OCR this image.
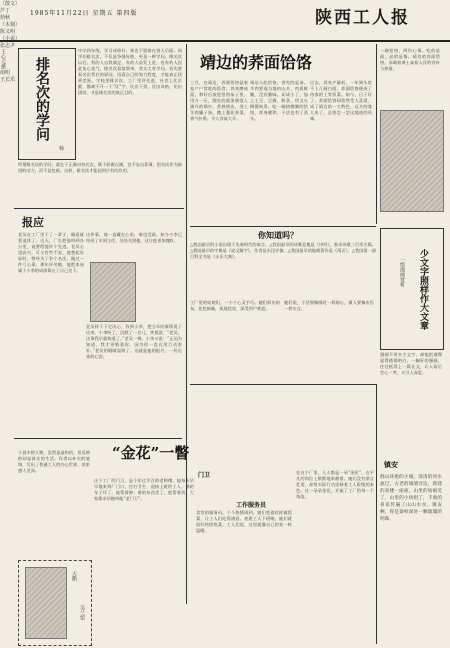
1985年11月22日 星期五 第四版	陕西工人报
排名次的学问
杨
中学四年级，学习成绩好，谁也不愿排在别人后面。同学们排名次，不仅是争强好胜，更是一种学问。排名次以后，有的人自我满足，有的人奋发上进，也有的人因此灰心丧气。排名次看似简单，其实大有学问。首先要看名次背后的原因，再看自己的努力程度，才能真正找到差距。学校里排名次，工厂里评先进，社会上比贡献，都离不开一个“比”字。比出干劲，比出风格，比出团结，才是排名次的真正目的。
所谓排名次的学问，就在于正确对待名次，既不骄傲自满，也不妄自菲薄，把名次作为前进的动力，而不是包袱。这样，排名次才能起到应有的作用。
靖边的荞面饸饹
（散文）
芦丁
三月，在靖边，荞面饸饹是家家户户常吃的饭食。荞麦磨成面，和好后放进饸饹床子里，用力一压，细长的面条便落入滚开的锅中。煮熟捞出，浇上羊肉臊子汤，撒上葱花香菜，香气扑鼻，令人食欲大开。
靖边人吃饸饹，讲究的是汤。羊肉要选当地的山羊，肉质鲜嫩，没有膻味。切成小丁，加上土豆、豆腐、粉条，用文火慢慢炖煮。吃一碗热腾腾的饸饹，浑身暖和，干活也有了劲头。
过去，荞麦产量低，一年到头吃不上几顿白面，荞面饸饹便成了待客的上等饭菜。如今，日子好了，荞面饸饹却依然受人喜爱，成了靖边的一大特色，远方的客人来了，总要尝一尝这地道的风味。
一碗饸饹，两份心情。吃的是面，品的是情。靖边的荞面饸饹，承载着黄土高原人民的淳朴与热情。
拾秋
（木刻）
陈义明
你知道吗？
△我国最早的小说出现于先秦时代的寓言。△我国最早的诗歌总集是《诗经》，收录诗歌三百零五篇。△我国最早的字典是《说文解字》，作者是东汉许慎。△我国最早的地理著作是《禹贡》。△我国第一部百科全书是《永乐大典》。
报应
（小说）
张志尹
老吴在工厂里干了一辈子，眼看就要退休了。这天，厂长把他叫到办公室，说要给他评个先进。老吴心里高兴，可又有些不安。他想起年轻时，曾经为了争个名次，做过一件亏心事。那年评劳模，他把本该属于小李的成绩算在了自己名下。
这件事，他一直藏在心里，谁也没说。如今小李已经成了车间主任，处处关照他，这让他更加愧疚。
王心元摄
老吴终于下定决心，找到小李，把当年的事情说了出来。小李听了，沉默了一会儿，笑着说：“老吴，这事我早就知道了。”老吴一愣。小李又说：“正因为知道，我才更敬重你，因为你一直在用行动弥补。”老吴的眼睛湿润了。这就是他的报应，一份迟来的心安。
工厂里的姑娘们，一个个心灵手巧。她们织出的布，花色新颖，质地优良，深受用户欢迎。
她们说，干活要像绣花一样细心，做人要像布匹一样实在。	少文字照样作大文章
一组漫画赏析
漫画不用多少文字，却能把道理说得透彻明白。一幅好的漫画，往往抵得上一篇长文，让人看后会心一笑，又引人深思。
“金花”一瞥
南明
门卫
这个工厂的门卫，是个年过半百的老师傅。他每天早早地来到厂门口，打扫卫生，迎接上班的工人。谁的车子坏了，他帮着修；谁的东西丢了，他帮着找。大家都亲切地叫他“老门卫”。
工作服务员
食堂的服务员，个个热情周到。她们变着花样做饭菜，让工人们吃得满意。夜班工人下班晚，她们就留好热饭热菜。工人们说，这里就像自己的家一样温暖。
在这个厂里，人人都是一朵“金花”，在平凡的岗位上默默地奉献着。她们没有豪言壮语，却用实际行动诠释着工人阶级的本色。这一朵朵金花，开遍了工厂的每一个角落。
天鹅
吴兰恺
小说中的人物，虽然是虚构的，但反映的却是真实的生活。作者以朴实的笔调，写出了普通工人的内心世界，读来感人至深。
镇安
王长乐
群山环抱的小城，清清的河水流过。古老的城墙旁边，新建的高楼一座座。山里的姑娘笑了，山里的小伙唱了，丰收的喜讯传遍了山山水水。镇安啊，你是秦岭深处一颗璀璨的明珠。
